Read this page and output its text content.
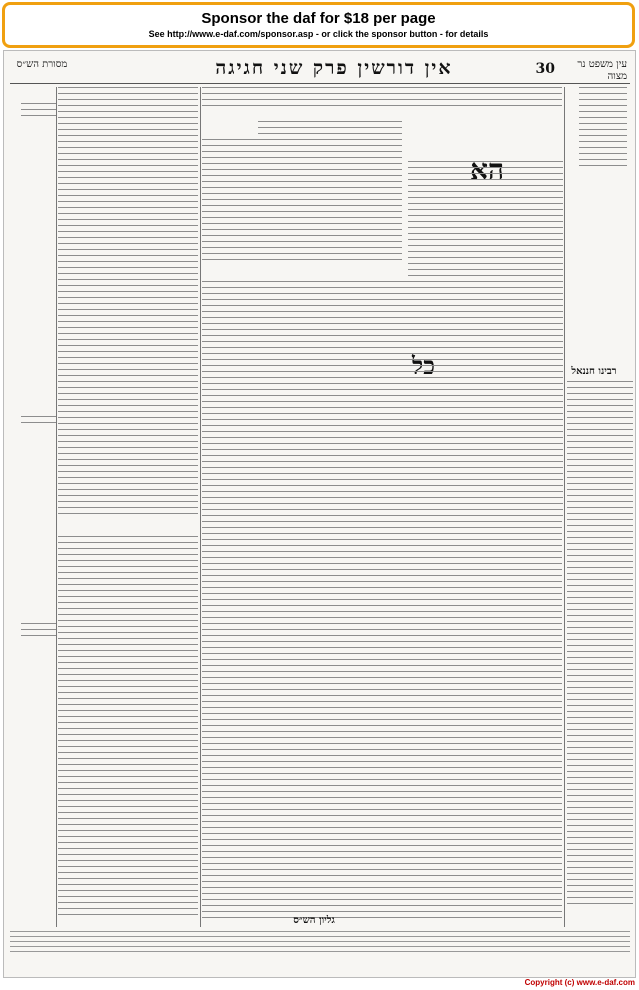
Sponsor the daf for $18 per page
See http://www.e-daf.com/sponsor.asp - or click the sponsor button - for details
מסורת הש״ס	אין דורשין פרק שני חגיגה	30	עין משפט נר מצוה
הא
כל	רבינו חננאל
גליון הש״ס
Copyright (c) www.e-daf.com
